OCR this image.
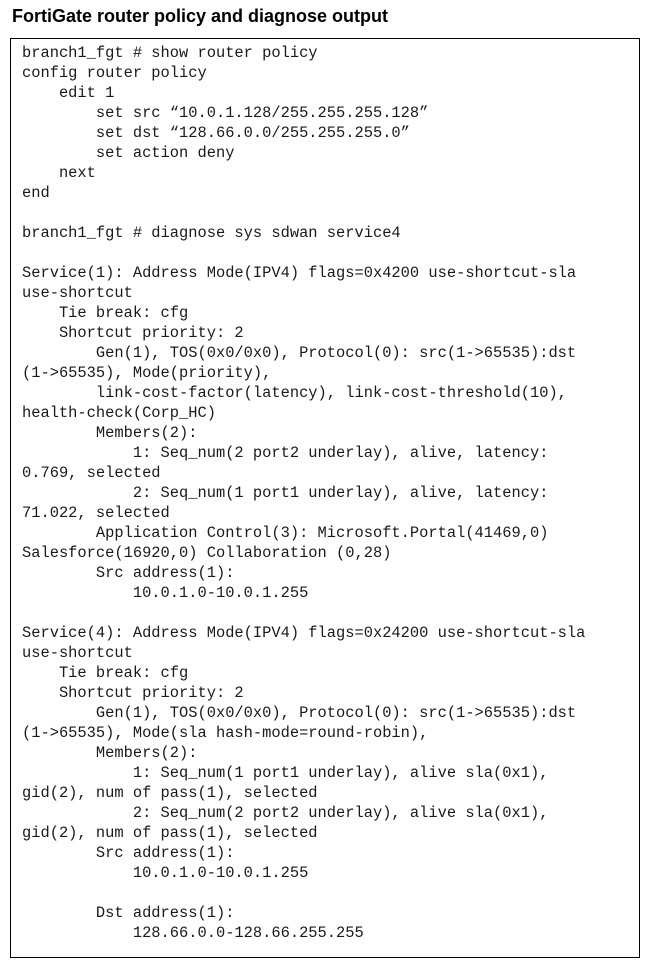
FortiGate router policy and diagnose output
branch1_fgt # show router policy
config router policy
edit 1
set src “10.0.1.128/255.255.255.128”
set dst “128.66.0.0/255.255.255.0”
set action deny
next
end
branch1_fgt # diagnose sys sdwan service4
Service(1): Address Mode(IPV4) flags=0x4200 use-shortcut-sla
use-shortcut
Tie break: cfg
Shortcut priority: 2
Gen(1), TOS(0x0/0x0), Protocol(0): src(1->65535):dst
(1->65535), Mode(priority),
link-cost-factor(latency), link-cost-threshold(10),
health-check(Corp_HC)
Members(2):
1: Seq_num(2 port2 underlay), alive, latency:
0.769, selected
2: Seq_num(1 port1 underlay), alive, latency:
71.022, selected
Application Control(3): Microsoft.Portal(41469,0)
Salesforce(16920,0) Collaboration (0,28)
Src address(1):
10.0.1.0-10.0.1.255
Service(4): Address Mode(IPV4) flags=0x24200 use-shortcut-sla
use-shortcut
Tie break: cfg
Shortcut priority: 2
Gen(1), TOS(0x0/0x0), Protocol(0): src(1->65535):dst
(1->65535), Mode(sla hash-mode=round-robin),
Members(2):
1: Seq_num(1 port1 underlay), alive sla(0x1),
gid(2), num of pass(1), selected
2: Seq_num(2 port2 underlay), alive sla(0x1),
gid(2), num of pass(1), selected
Src address(1):
10.0.1.0-10.0.1.255
Dst address(1):
128.66.0.0-128.66.255.255
